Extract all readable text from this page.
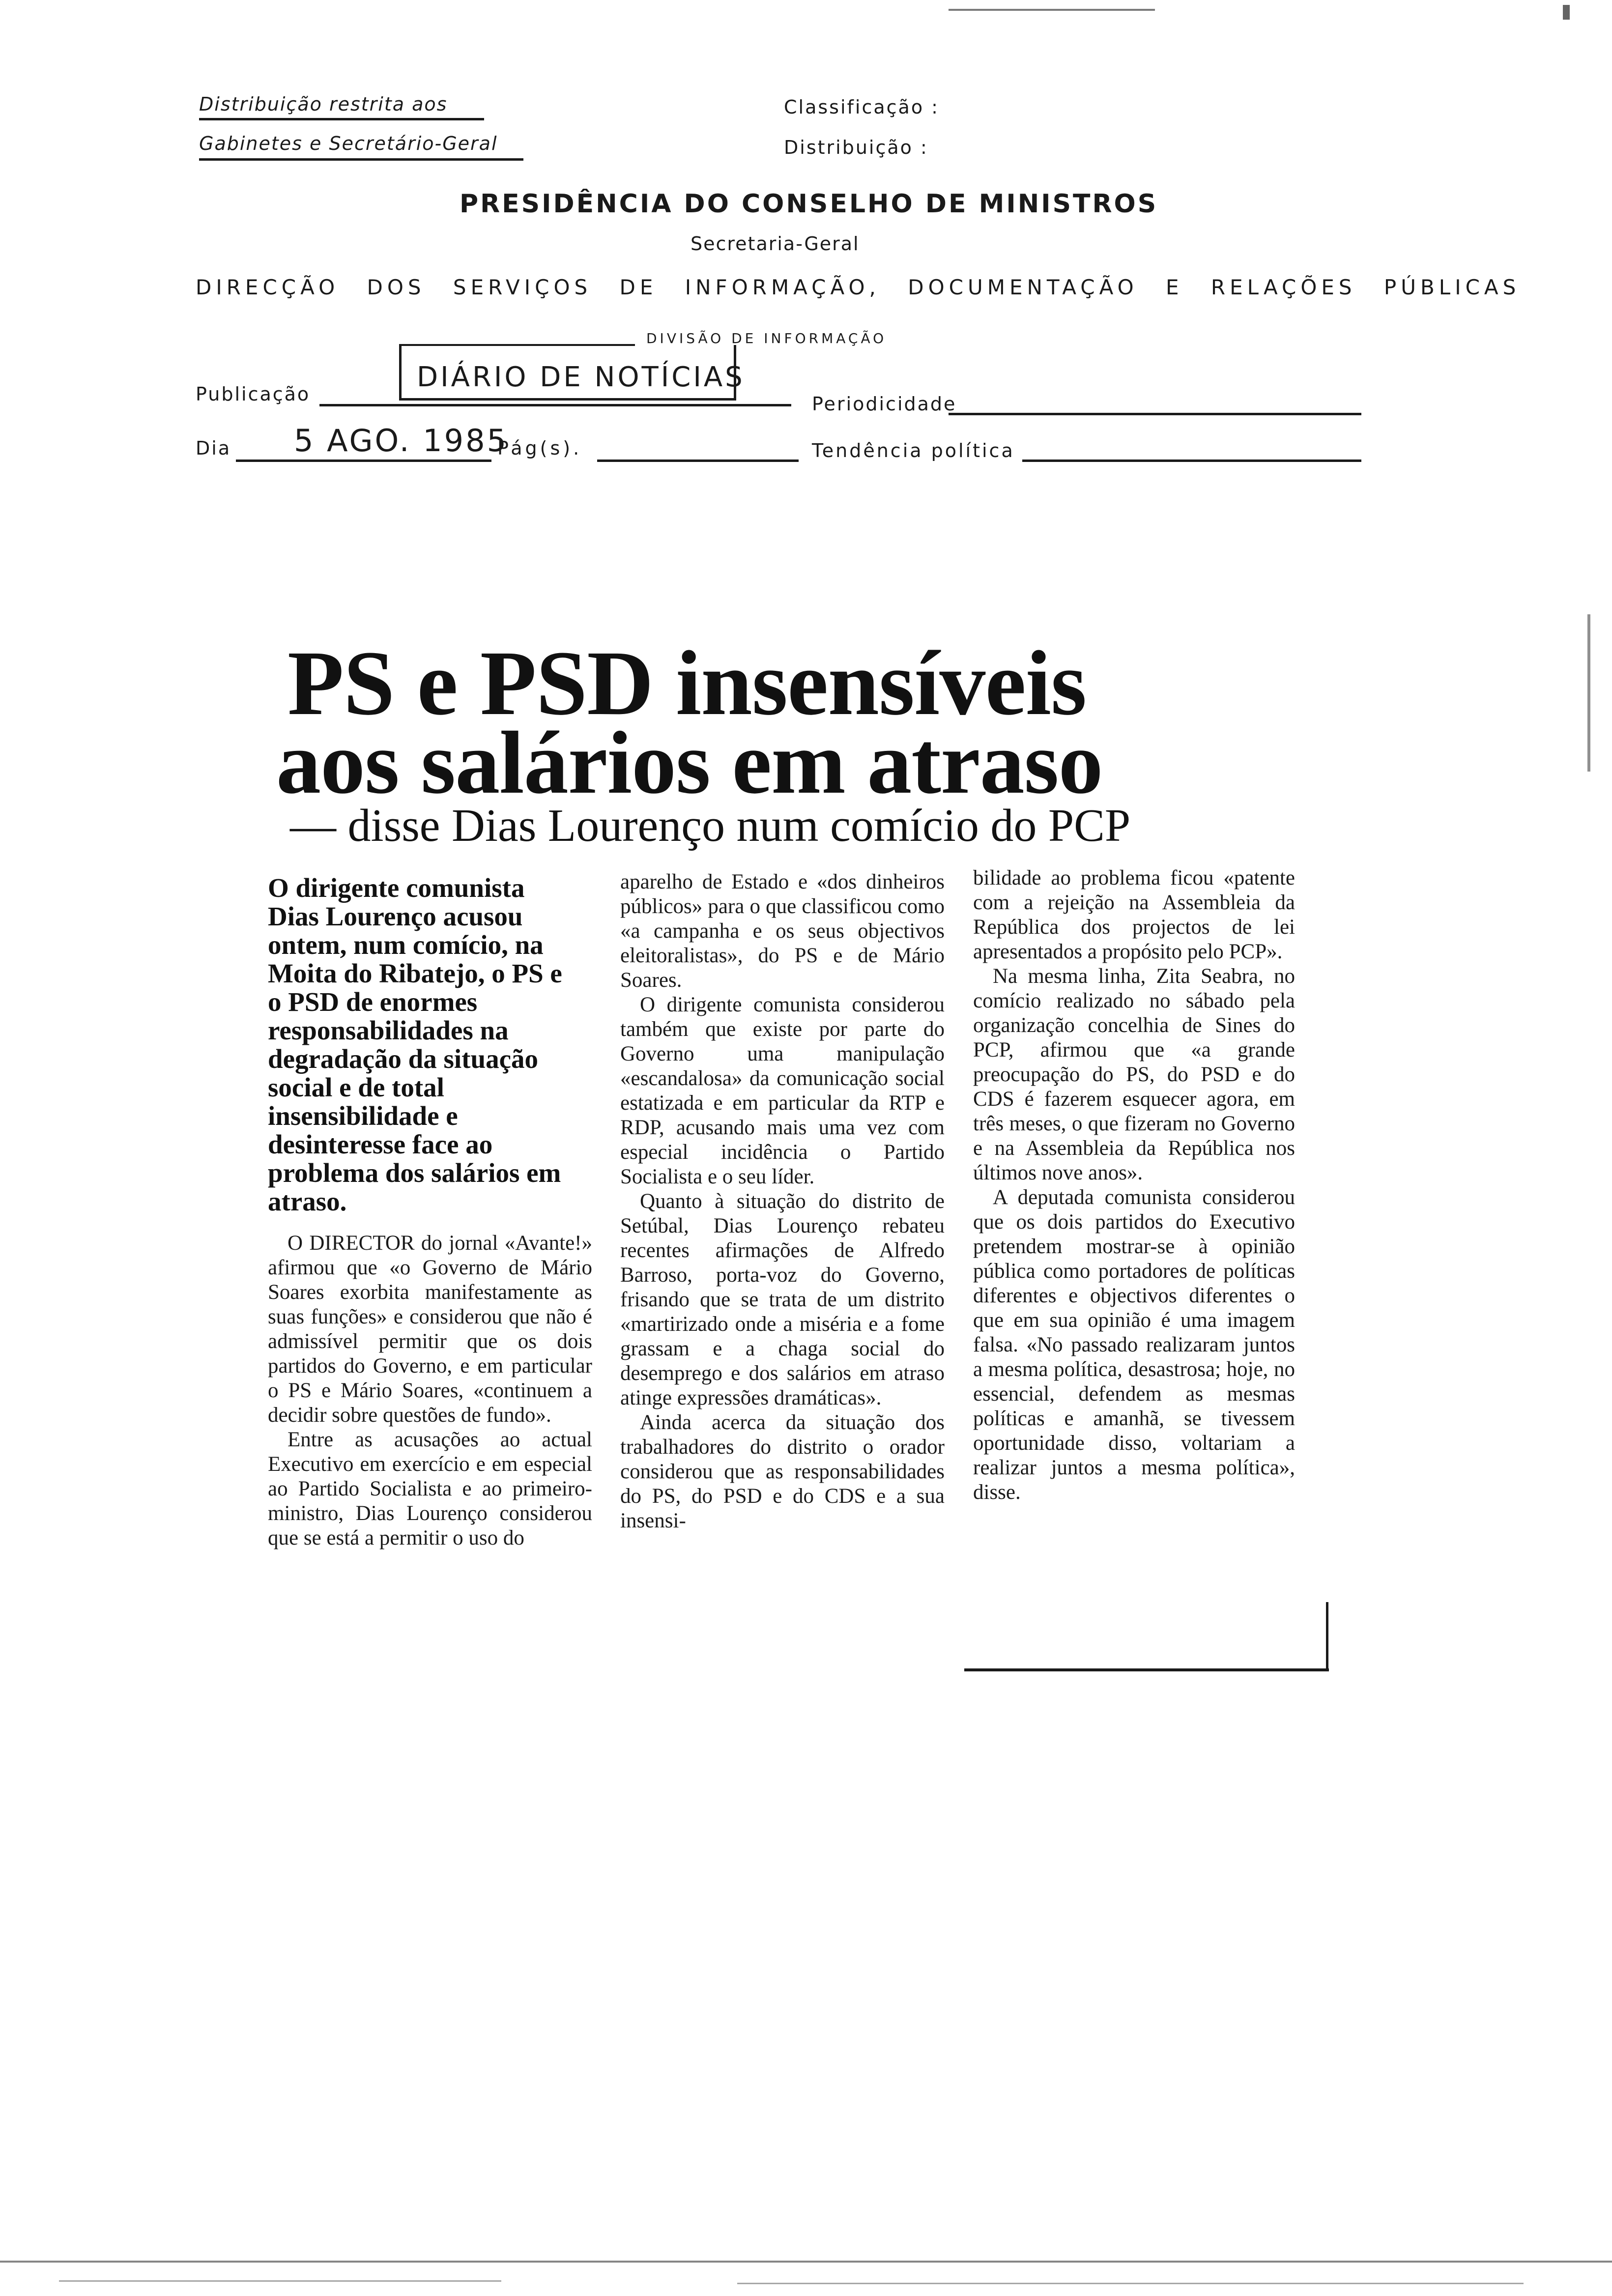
Distribuição restrita aos
Gabinetes e Secretário-Geral
Classificação :
Distribuição :
PRESIDÊNCIA DO CONSELHO DE MINISTROS
Secretaria-Geral
DIRECÇÃO DOS SERVIÇOS DE INFORMAÇÃO, DOCUMENTAÇÃO E RELAÇÕES PÚBLICAS
DIVISÃO DE INFORMAÇÃO
Publicação
DIÁRIO DE NOTÍCIAS
Periodicidade
Dia 5 AGO. 1985
Pág(s).	Tendência política
PS e PSD insensíveis
aos salários em atraso
— disse Dias Lourenço num comício do PCP
O dirigente comunista Dias Lourenço acusou ontem, num comício, na Moita do Ribatejo, o PS e o PSD de enormes responsabilidades na degradação da situação social e de total insensibilidade e desinteresse face ao problema dos salários em atraso.

O DIRECTOR do jornal «Avante!» afirmou que «o Governo de Mário Soares exorbita manifestamente as suas funções» e considerou que não é admissível permitir que os dois partidos do Governo, e em particular o PS e Mário Soares, «continuem a decidir sobre questões de fundo».

Entre as acusações ao actual Executivo em exercício e em especial ao Partido Socialista e ao primeiro-ministro, Dias Lourenço considerou que se está a permitir o uso do

aparelho de Estado e «dos dinheiros públicos» para o que classificou como «a campanha e os seus objectivos eleitoralistas», do PS e de Mário Soares.

O dirigente comunista considerou também que existe por parte do Governo uma manipulação «escandalosa» da comunicação social estatizada e em particular da RTP e RDP, acusando mais uma vez com especial incidência o Partido Socialista e o seu líder.

Quanto à situação do distrito de Setúbal, Dias Lourenço rebateu recentes afirmações de Alfredo Barroso, porta-voz do Governo, frisando que se trata de um distrito «martirizado onde a miséria e a fome grassam e a chaga social do desemprego e dos salários em atraso atinge expressões dramáticas».

Ainda acerca da situação dos trabalhadores do distrito o orador considerou que as responsabilidades do PS, do PSD e do CDS e a sua insensi-

bilidade ao problema ficou «patente com a rejeição na Assembleia da República dos projectos de lei apresentados a propósito pelo PCP».

Na mesma linha, Zita Seabra, no comício realizado no sábado pela organização concelhia de Sines do PCP, afirmou que «a grande preocupação do PS, do PSD e do CDS é fazerem esquecer agora, em três meses, o que fizeram no Governo e na Assembleia da República nos últimos nove anos».

A deputada comunista considerou que os dois partidos do Executivo pretendem mostrar-se à opinião pública como portadores de políticas diferentes e objectivos diferentes o que em sua opinião é uma imagem falsa. «No passado realizaram juntos a mesma política, desastrosa; hoje, no essencial, defendem as mesmas políticas e amanhã, se tivessem oportunidade disso, voltariam a realizar juntos a mesma política», disse.
